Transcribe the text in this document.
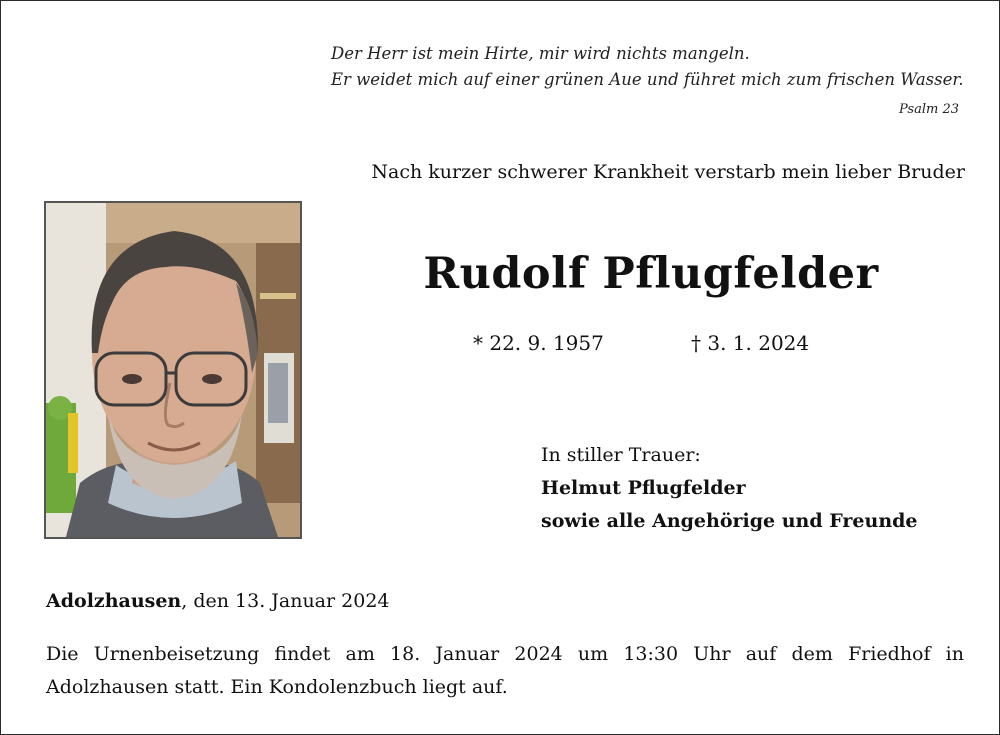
Der Herr ist mein Hirte, mir wird nichts mangeln.
Er weidet mich auf einer grünen Aue und führet mich zum frischen Wasser.
Psalm 23
Nach kurzer schwerer Krankheit verstarb mein lieber Bruder
Rudolf Pflugfelder
* 22. 9. 1957	† 3. 1. 2024
In stiller Trauer:
Helmut Pflugfelder
sowie alle Angehörige und Freunde
Adolzhausen, den 13. Januar 2024
Die Urnenbeisetzung findet am 18. Januar 2024 um 13:30 Uhr auf dem Friedhof in Adolzhausen statt. Ein Kondolenzbuch liegt auf.
